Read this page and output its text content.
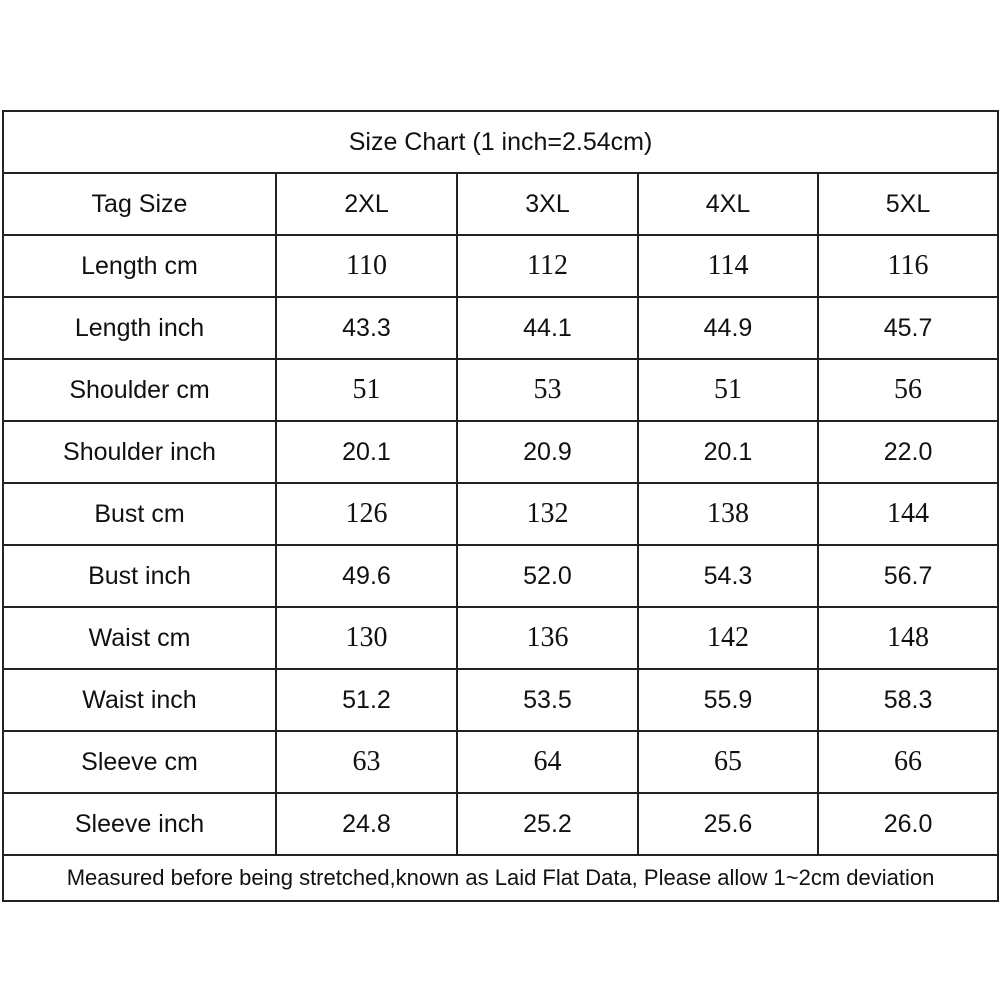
Size Chart (1 inch=2.54cm)				
Tag Size	2XL	3XL	4XL	5XL
Length cm	110	112	114	116
Length inch	43.3	44.1	44.9	45.7
Shoulder cm	51	53	51	56
Shoulder inch	20.1	20.9	20.1	22.0
Bust cm	126	132	138	144
Bust inch	49.6	52.0	54.3	56.7
Waist cm	130	136	142	148
Waist inch	51.2	53.5	55.9	58.3
Sleeve cm	63	64	65	66
Sleeve inch	24.8	25.2	25.6	26.0
Measured before being stretched,known as Laid Flat Data, Please allow 1~2cm deviation				
